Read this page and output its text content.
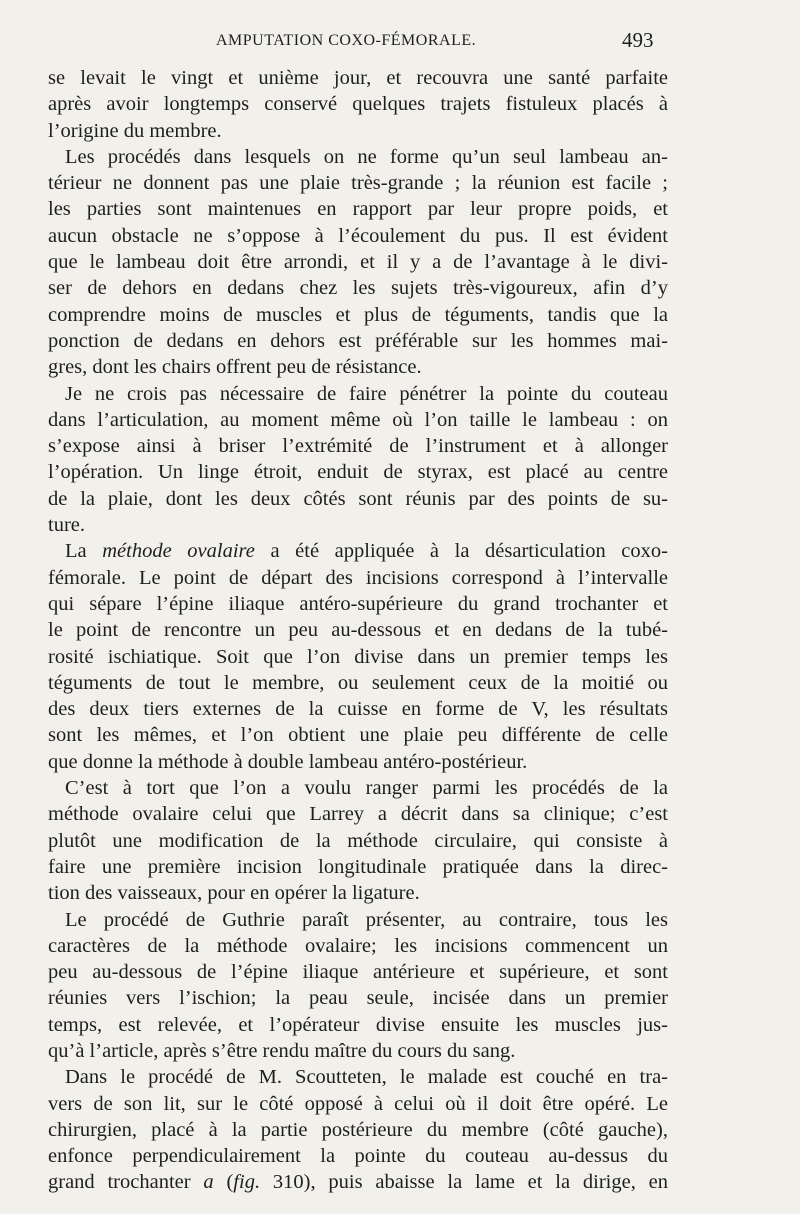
AMPUTATION COXO-FÉMORALE.	493
se levait le vingt et unième jour, et recouvra une santé parfaite
après avoir longtemps conservé quelques trajets fistuleux placés à
l’origine du membre.
Les procédés dans lesquels on ne forme qu’un seul lambeau an-
térieur ne donnent pas une plaie très-grande ; la réunion est facile ;
les parties sont maintenues en rapport par leur propre poids, et
aucun obstacle ne s’oppose à l’écoulement du pus. Il est évident
que le lambeau doit être arrondi, et il y a de l’avantage à le divi-
ser de dehors en dedans chez les sujets très-vigoureux, afin d’y
comprendre moins de muscles et plus de téguments, tandis que la
ponction de dedans en dehors est préférable sur les hommes mai-
gres, dont les chairs offrent peu de résistance.
Je ne crois pas nécessaire de faire pénétrer la pointe du couteau
dans l’articulation, au moment même où l’on taille le lambeau : on
s’expose ainsi à briser l’extrémité de l’instrument et à allonger
l’opération. Un linge étroit, enduit de styrax, est placé au centre
de la plaie, dont les deux côtés sont réunis par des points de su-
ture.
La méthode ovalaire a été appliquée à la désarticulation coxo-
fémorale. Le point de départ des incisions correspond à l’intervalle
qui sépare l’épine iliaque antéro-supérieure du grand trochanter et
le point de rencontre un peu au-dessous et en dedans de la tubé-
rosité ischiatique. Soit que l’on divise dans un premier temps les
téguments de tout le membre, ou seulement ceux de la moitié ou
des deux tiers externes de la cuisse en forme de V, les résultats
sont les mêmes, et l’on obtient une plaie peu différente de celle
que donne la méthode à double lambeau antéro-postérieur.
C’est à tort que l’on a voulu ranger parmi les procédés de la
méthode ovalaire celui que Larrey a décrit dans sa clinique; c’est
plutôt une modification de la méthode circulaire, qui consiste à
faire une première incision longitudinale pratiquée dans la direc-
tion des vaisseaux, pour en opérer la ligature.
Le procédé de Guthrie paraît présenter, au contraire, tous les
caractères de la méthode ovalaire; les incisions commencent un
peu au-dessous de l’épine iliaque antérieure et supérieure, et sont
réunies vers l’ischion; la peau seule, incisée dans un premier
temps, est relevée, et l’opérateur divise ensuite les muscles jus-
qu’à l’article, après s’être rendu maître du cours du sang.
Dans le procédé de M. Scoutteten, le malade est couché en tra-
vers de son lit, sur le côté opposé à celui où il doit être opéré. Le
chirurgien, placé à la partie postérieure du membre (côté gauche),
enfonce perpendiculairement la pointe du couteau au-dessus du
grand trochanter a (fig. 310), puis abaisse la lame et la dirige, en
